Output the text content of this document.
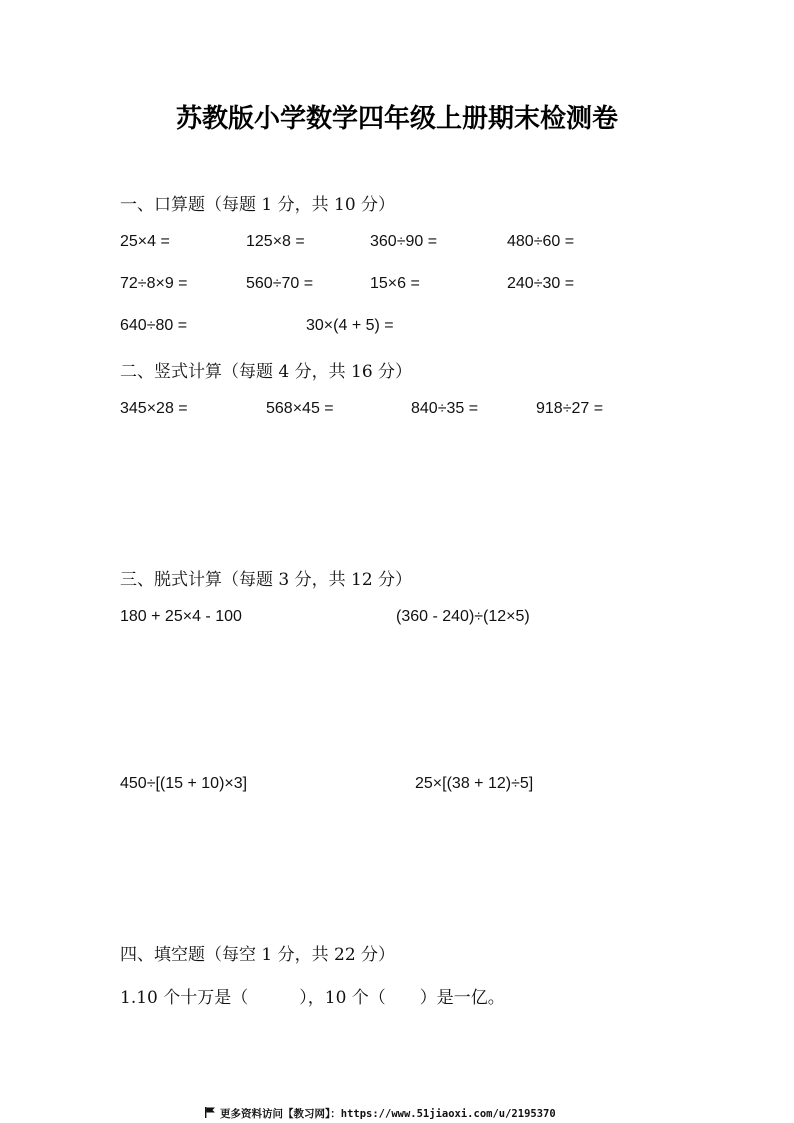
苏教版小学数学四年级上册期末检测卷
一、口算题（每题 1 分，共 10 分）
25×4 =	125×8 =	360÷90 =	480÷60 =
72÷8×9 =	560÷70 =	15×6 =	240÷30 =
640÷80 =	30×(4 + 5) =
二、竖式计算（每题 4 分，共 16 分）
345×28 =	568×45 =	840÷35 =	918÷27 =
三、脱式计算（每题 3 分，共 12 分）
180 + 25×4 - 100	(360 - 240)÷(12×5)
450÷[(15 + 10)×3]	25×[(38 + 12)÷5]
四、填空题（每空 1 分，共 22 分）
1.10 个十万是（　　　），10 个（　　）是一亿。
更多资料访问【教习网】：https://www.51jiaoxi.com/u/2195370
